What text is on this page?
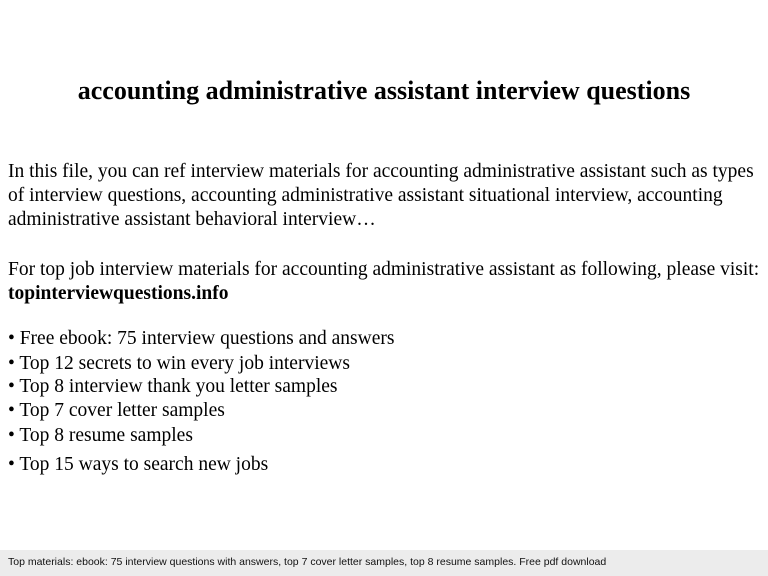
accounting administrative assistant interview questions
In this file, you can ref interview materials for accounting administrative assistant such as types of interview questions, accounting administrative assistant situational interview, accounting administrative assistant behavioral interview…
For top job interview materials for accounting administrative assistant as following, please visit: topinterviewquestions.info
• Free ebook: 75 interview questions and answers
• Top 12 secrets to win every job interviews
• Top 8 interview thank you letter samples
• Top 7 cover letter samples
• Top 8 resume samples
• Top 15 ways to search new jobs
Top materials: ebook: 75 interview questions with answers, top 7 cover letter samples, top 8 resume samples. Free pdf download
